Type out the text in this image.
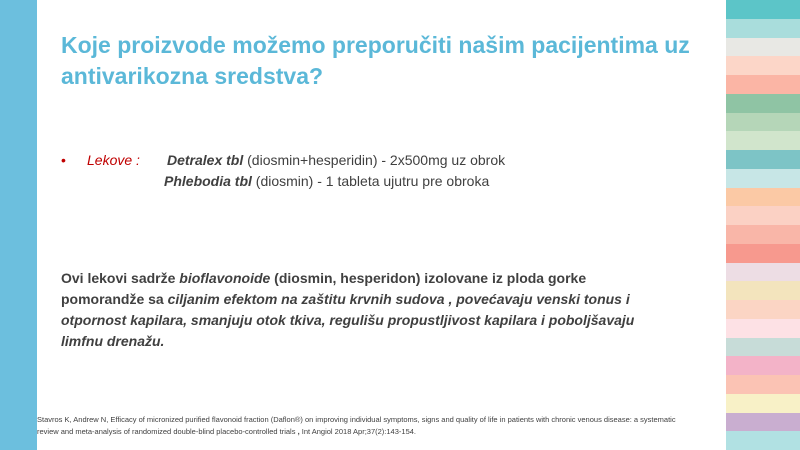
Koje proizvode možemo preporučiti našim pacijentima uz antivarikozna sredstva?
• Lekove : Detralex tbl (diosmin+hesperidin) - 2x500mg uz obrok
Phlebodia tbl (diosmin) - 1 tableta ujutru pre obroka
Ovi lekovi sadrže bioflavonoide (diosmin, hesperidon) izolovane iz ploda gorke pomorandže sa ciljanim efektom na zaštitu krvnih sudova , povećavaju venski tonus i otpornost kapilara, smanjuju otok tkiva, regulišu propustljivost kapilara i poboljšavaju limfnu drenažu.
Stavros K, Andrew N, Efficacy of micronized purified flavonoid fraction (Daflon®) on improving individual symptoms, signs and quality of life in patients with chronic venous disease: a systematic review and meta-analysis of randomized double-blind placebo-controlled trials , Int Angiol 2018 Apr;37(2):143-154.
